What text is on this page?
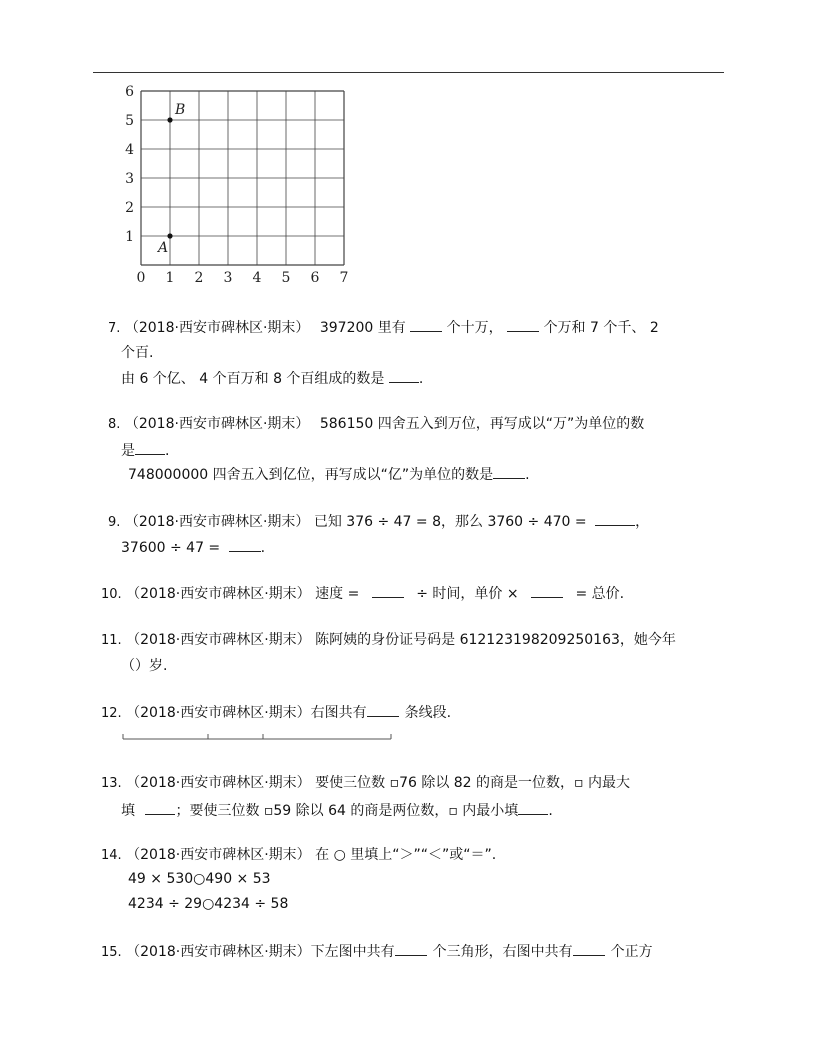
0 1 2 3 4 5 6 7
1
2
3
4
5
6
B
A
7. （2018·西安市碑林区·期末） 397200 里有	个十万，	个万和 7 个千、 2
个百.
由 6 个亿、 4 个百万和 8 个百组成的数是 .
8. （2018·西安市碑林区·期末） 586150 四舍五入到万位，再写成以“万”为单位的数
是 .
748000000 四舍五入到亿位，再写成以“亿”为单位的数是 .
9. （2018·西安市碑林区·期末） 已知 376 ÷ 47 = 8，那么 3760 ÷ 470 =	，
37600 ÷ 47 =	.
10. （2018·西安市碑林区·期末） 速度 =	÷ 时间，单价 ×	= 总价.
11. （2018·西安市碑林区·期末） 陈阿姨的身份证号码是 612123198209250163，她今年
（）岁.
12. （2018·西安市碑林区·期末）右图共有	条线段.
13. （2018·西安市碑林区·期末） 要使三位数 ▫76 除以 82 的商是一位数，▫ 内最大
填	；要使三位数 ▫59 除以 64 的商是两位数，▫ 内最小填 .
14. （2018·西安市碑林区·期末） 在 ○ 里填上“＞”“＜”或“＝”.
49 × 530○490 × 53
4234 ÷ 29○4234 ÷ 58
15. （2018·西安市碑林区·期末）下左图中共有	个三角形，右图中共有	个正方
